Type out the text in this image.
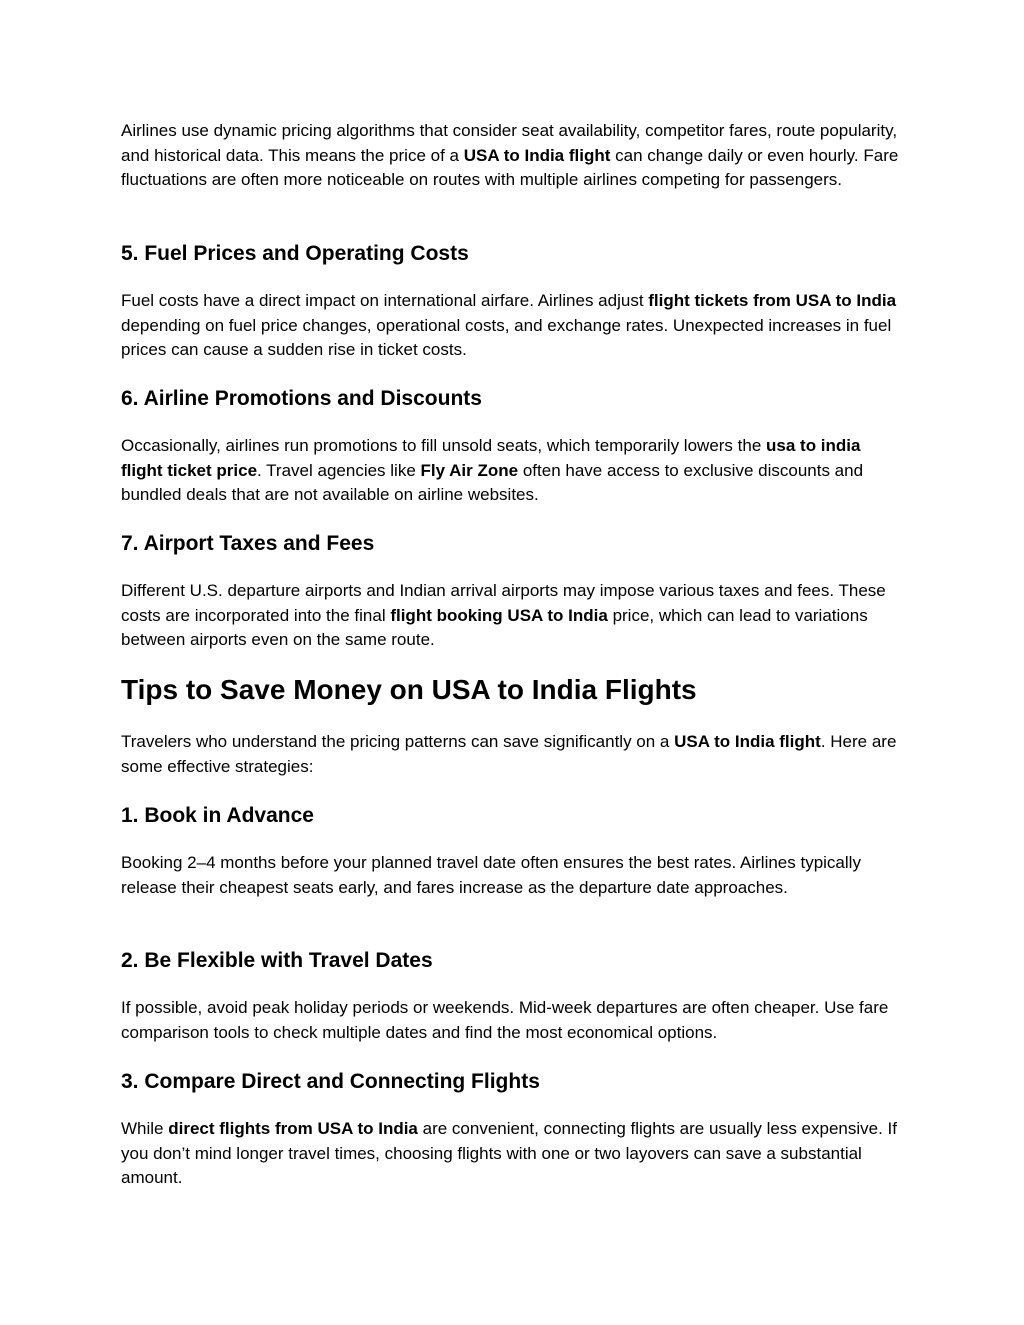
Airlines use dynamic pricing algorithms that consider seat availability, competitor fares, route popularity, and historical data. This means the price of a USA to India flight can change daily or even hourly. Fare fluctuations are often more noticeable on routes with multiple airlines competing for passengers.

5. Fuel Prices and Operating Costs

Fuel costs have a direct impact on international airfare. Airlines adjust flight tickets from USA to India depending on fuel price changes, operational costs, and exchange rates. Unexpected increases in fuel prices can cause a sudden rise in ticket costs.

6. Airline Promotions and Discounts

Occasionally, airlines run promotions to fill unsold seats, which temporarily lowers the usa to india flight ticket price. Travel agencies like Fly Air Zone often have access to exclusive discounts and bundled deals that are not available on airline websites.

7. Airport Taxes and Fees

Different U.S. departure airports and Indian arrival airports may impose various taxes and fees. These costs are incorporated into the final flight booking USA to India price, which can lead to variations between airports even on the same route.

Tips to Save Money on USA to India Flights

Travelers who understand the pricing patterns can save significantly on a USA to India flight. Here are some effective strategies:

1. Book in Advance

Booking 2–4 months before your planned travel date often ensures the best rates. Airlines typically release their cheapest seats early, and fares increase as the departure date approaches.

2. Be Flexible with Travel Dates

If possible, avoid peak holiday periods or weekends. Mid-week departures are often cheaper. Use fare comparison tools to check multiple dates and find the most economical options.

3. Compare Direct and Connecting Flights

While direct flights from USA to India are convenient, connecting flights are usually less expensive. If you don’t mind longer travel times, choosing flights with one or two layovers can save a substantial amount.
